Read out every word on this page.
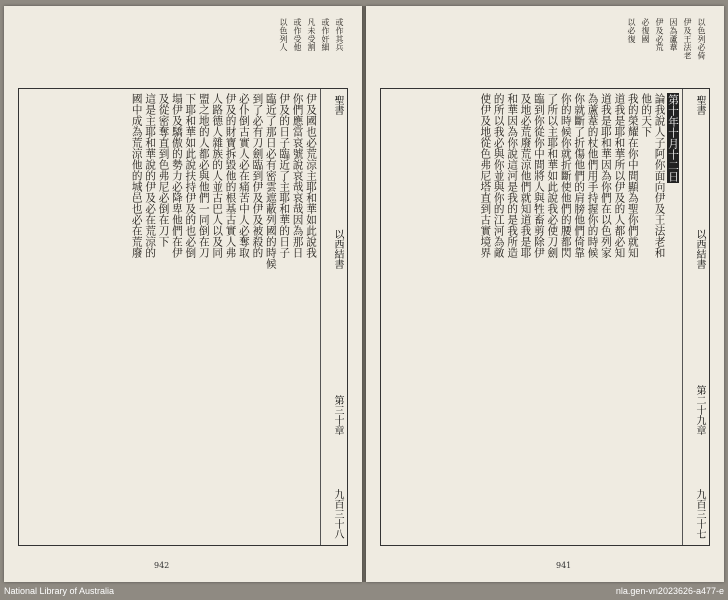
或作其兵
或作奸細
凡未受割
或作受他
以色列人
聖書
以西結書
第三十章
九百三十八
伊及國也必荒涼主耶和華如此說我
你們應當哀號說哀哉哀哉因為那日
伊及的日子臨近了主耶和華的日子
臨近了那日必有密雲遮蔽列國的時候
到了必有刀劍臨到伊及伊及被殺的
必仆倒古實人必在痛苦中人必奪取
伊及的財寶拆毀他的根基古實人弗
人路德人雜族的人並古巴人以及同
盟之地的人都必與他們一同倒在刀
下耶和華如此說扶持伊及的也必倒
塌伊及驕傲的勢力必降卑他們在伊
及從密奪直到色弗尼必倒在刀下
這是主耶和華說的伊及必在荒涼的
國中成為荒涼他的城邑也必在荒廢
942
以色列必倚
伊及王法老
因為蘆葦
伊及必荒
必復國
以必復
聖書
以西結書
第二十九章
九百三十七
第十年十月十二日
論我說人子阿你面向伊及王法老和
他的天下
我的榮耀在你中間顯為聖你們就知
道我是耶和華所以伊及的人都必知
道我是耶和華因為你們在以色列家
為蘆葦的杖他們用手持握你的時候
你就斷了折傷他們的肩膀他們倚靠
你的時候你就折斷使他們的腰都閃
了所以主耶和華如此說我必使刀劍
臨到你從你中間將人與牲畜剪除伊
及地必荒廢荒涼他們就知道我是耶
和華因為你說這河是我的是我所造
的所以我必與你並與你的江河為敵
使伊及地從色弗尼塔直到古實境界
941
National Library of Australia	nla.gen-vn2023626-a477-e
